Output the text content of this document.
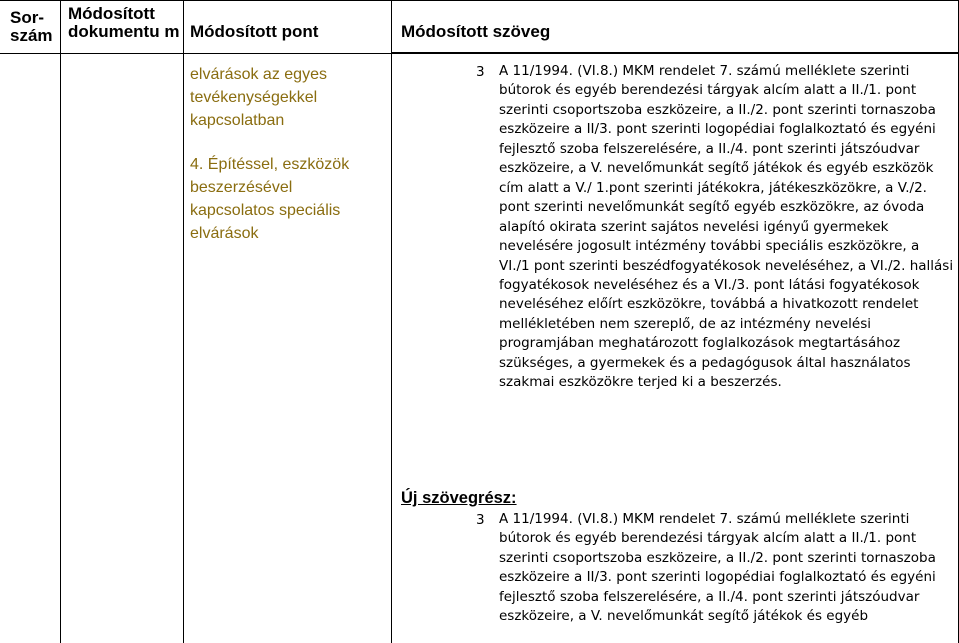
Sor-
szám
Módosított dokumentu m Módosított pont	Módosított szöveg
elvárások az egyes tevékenységekkel kapcsolatban
4. Építéssel, eszközök beszerzésével kapcsolatos speciális elvárások
3 A 11/1994. (VI.8.) MKM rendelet 7. számú melléklete szerinti bútorok és egyéb berendezési tárgyak alcím alatt a II./1. pont szerinti csoportszoba eszközeire, a II./2. pont szerinti tornaszoba eszközeire a II/3. pont szerinti logopédiai foglalkoztató és egyéni fejlesztő szoba felszerelésére, a II./4. pont szerinti játszóudvar eszközeire, a V. nevelőmunkát segítő játékok és egyéb eszközök cím alatt a V./ 1.pont szerinti játékokra, játékeszközökre, a V./2. pont szerinti nevelőmunkát segítő egyéb eszközökre, az óvoda alapító okirata szerint sajátos nevelési igényű gyermekek nevelésére jogosult intézmény további speciális eszközökre, a VI./1 pont szerinti beszédfogyatékosok neveléséhez, a VI./2. hallási fogyatékosok neveléséhez és a VI./3. pont látási fogyatékosok neveléséhez előírt eszközökre, továbbá a hivatkozott rendelet mellékletében nem szereplő, de az intézmény nevelési programjában meghatározott foglalkozások megtartásához szükséges, a gyermekek és a pedagógusok által használatos szakmai eszközökre terjed ki a beszerzés.
Új szövegrész:
3 A 11/1994. (VI.8.) MKM rendelet 7. számú melléklete szerinti bútorok és egyéb berendezési tárgyak alcím alatt a II./1. pont szerinti csoportszoba eszközeire, a II./2. pont szerinti tornaszoba eszközeire a II/3. pont szerinti logopédiai foglalkoztató és egyéni fejlesztő szoba felszerelésére, a II./4. pont szerinti játszóudvar eszközeire, a V. nevelőmunkát segítő játékok és egyéb
